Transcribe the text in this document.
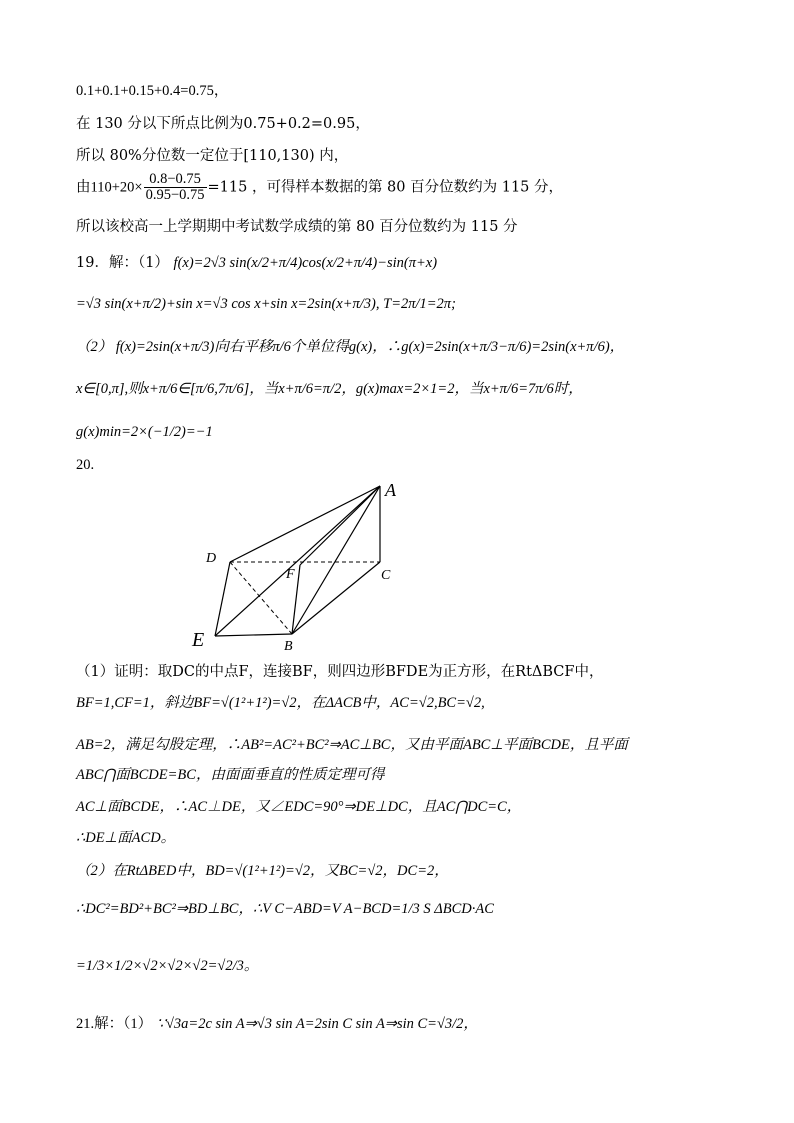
0.1+0.1+0.15+0.4=0.75，
在 130 分以下所点比例为0.75+0.2=0.95，
所以 80%分位数一定位于[110,130) 内，
由$110+20\times \frac{0.8-0.75}{0.95-0.75} =115$ ，可得样本数据的第 80 百分位数约为 115 分，
所以该校高一上学期期中考试数学成绩的第 80 百分位数约为 115 分
19．解：（1） f(x)=2√3 sin(x/2+π/4)cos(x/2+π/4)−sin(π+x)
=√3 sin(x+π/2)+sin x=√3 cos x+sin x=2sin(x+π/3), T=2π/1=2π;
（2） f(x)=2sin(x+π/3)向右平移π/6个单位得g(x)，∴g(x)=2sin(x+π/3−π/6)=2sin(x+π/6)，
x∈[0,π],则x+π/6∈[π/6,7π/6]，当x+π/6=π/2，g(x)max=2×1=2，当x+π/6=7π/6时，
g(x)min=2×(−1/2)=−1
20.
A
C
D
F
E	B
（1）证明：取DC的中点F，连接BF，则四边形BFDE为正方形，在RtΔBCF中，
BF=1,CF=1，斜边BF=√(1²+1²)=√2，在ΔACB中，AC=√2,BC=√2,
AB=2，满足勾股定理，∴AB²=AC²+BC²⇒AC⊥BC，又由平面ABC⊥平面BCDE，且平面
ABC⋂面BCDE=BC，由面面垂直的性质定理可得
AC⊥面BCDE，∴AC⊥DE，又∠EDC=90°⇒DE⊥DC，且AC⋂DC=C，
∴DE⊥面ACD。
（2）在RtΔBED中，BD=√(1²+1²)=√2，又BC=√2，DC=2，
∴DC²=BD²+BC²⇒BD⊥BC，∴V C−ABD=V A−BCD=1/3 S ΔBCD·AC
=1/3×1/2×√2×√2×√2=√2/3。
21.解：（1） ∵√3a=2c sin A⇒√3 sin A=2sin C sin A⇒sin C=√3/2，
